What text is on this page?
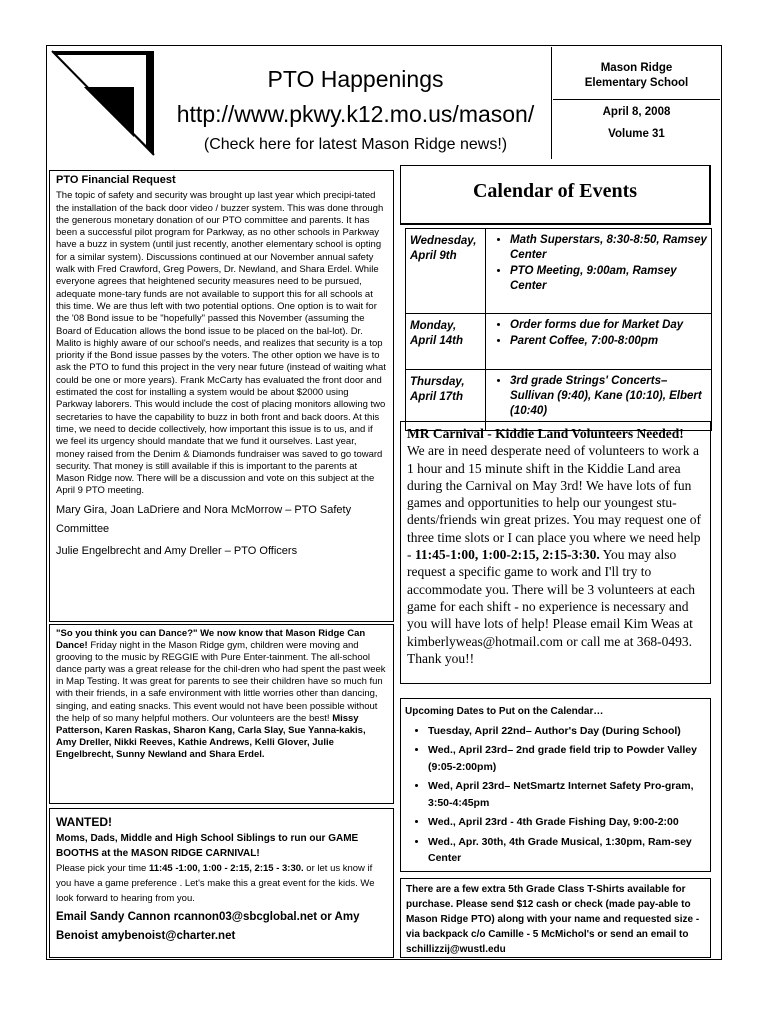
PTO Happenings
http://www.pkwy.k12.mo.us/mason/
(Check here for latest Mason Ridge news!)
Mason Ridge
Elementary School
April 8, 2008
Volume 31
PTO Financial Request

The topic of safety and security was brought up last year which precipi-tated the installation of the back door video / buzzer system. This was done through the generous monetary donation of our PTO committee and parents. It has been a successful pilot program for Parkway, as no other schools in Parkway have a buzz in system (until just recently, another elementary school is opting for a similar system). Discussions continued at our November annual safety walk with Fred Crawford, Greg Powers, Dr. Newland, and Shara Erdel. While everyone agrees that heightened security measures need to be pursued, adequate mone-tary funds are not available to support this for all schools at this time. We are thus left with two potential options. One option is to wait for the '08 Bond issue to be "hopefully" passed this November (assuming the Board of Education allows the bond issue to be placed on the bal-lot). Dr. Malito is highly aware of our school's needs, and realizes that security is a top priority if the Bond issue passes by the voters. The other option we have is to ask the PTO to fund this project in the very near future (instead of waiting what could be one or more years). Frank McCarty has evaluated the front door and estimated the cost for installing a system would be about $2000 using Parkway laborers. This would include the cost of placing monitors allowing two secretaries to have the capability to buzz in both front and back doors. At this time, we need to decide collectively, how important this issue is to us, and if we feel its urgency should mandate that we fund it ourselves. Last year, money raised from the Denim & Diamonds fundraiser was saved to go toward security. That money is still available if this is important to the parents at Mason Ridge now. There will be a discussion and vote on this subject at the April 9 PTO meeting.

Mary Gira, Joan LaDriere and Nora McMorrow – PTO Safety Committee
Julie Engelbrecht and Amy Dreller – PTO Officers
"So you think you can Dance?" We now know that Mason Ridge Can Dance! Friday night in the Mason Ridge gym, children were moving and grooving to the music by REGGIE with Pure Enter-tainment. The all-school dance party was a great release for the chil-dren who had spent the past week in Map Testing. It was great for parents to see their children have so much fun with their friends, in a safe environment with little worries other than dancing, singing, and eating snacks. This event would not have been possible without the help of so many helpful mothers. Our volunteers are the best! Missy Patterson, Karen Raskas, Sharon Kang, Carla Slay, Sue Yanna-kakis, Amy Dreller, Nikki Reeves, Kathie Andrews, Kelli Glover, Julie Engelbrecht, Sunny Newland and Shara Erdel.
WANTED!
Moms, Dads, Middle and High School Siblings to run our GAME BOOTHS at the MASON RIDGE CARNIVAL!
Please pick your time 11:45 -1:00, 1:00 - 2:15, 2:15 - 3:30. or let us know if you have a game preference . Let's make this a great event for the kids. We look forward to hearing from you.
Email Sandy Cannon rcannon03@sbcglobal.net or Amy Benoist amybenoist@charter.net
Calendar of Events
Wednesday, April 9th
• Math Superstars, 8:30-8:50, Ramsey Center
• PTO Meeting, 9:00am, Ramsey Center
Monday, April 14th
• Order forms due for Market Day
• Parent Coffee, 7:00-8:00pm
Thursday, April 17th
• 3rd grade Strings' Concerts– Sullivan (9:40), Kane (10:10), Elbert (10:40)
MR Carnival - Kiddie Land Volunteers Needed!
We are in need desperate need of volunteers to work a 1 hour and 15 minute shift in the Kiddie Land area during the Carnival on May 3rd! We have lots of fun games and opportunities to help our youngest stu-dents/friends win great prizes. You may request one of three time slots or I can place you where we need help - 11:45-1:00, 1:00-2:15, 2:15-3:30. You may also request a specific game to work and I'll try to accommodate you. There will be 3 volunteers at each game for each shift - no experience is necessary and you will have lots of help! Please email Kim Weas at kimberlyweas@hotmail.com or call me at 368-0493. Thank you!!
Upcoming Dates to Put on the Calendar…
• Tuesday, April 22nd– Author's Day (During School)
• Wed., April 23rd– 2nd grade field trip to Powder Valley (9:05-2:00pm)
• Wed, April 23rd– NetSmartz Internet Safety Pro-gram, 3:50-4:45pm
• Wed., April 23rd - 4th Grade Fishing Day, 9:00-2:00
• Wed., Apr. 30th, 4th Grade Musical, 1:30pm, Ram-sey Center
There are a few extra 5th Grade Class T-Shirts available for purchase. Please send $12 cash or check (made pay-able to Mason Ridge PTO) along with your name and requested size - via backpack c/o Camille - 5 McMichol's or send an email to schillizzij@wustl.edu
